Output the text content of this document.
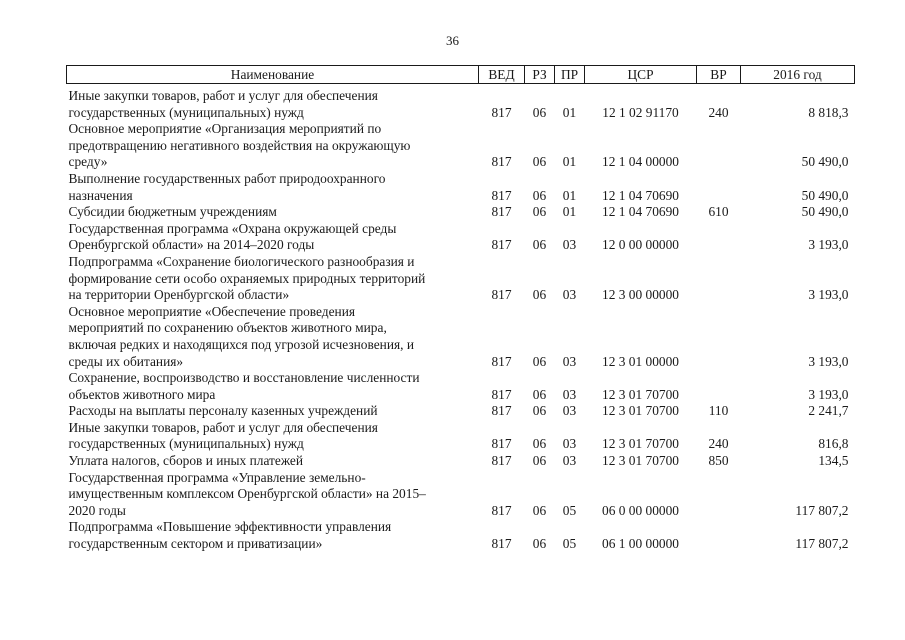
36
Наименование	ВЕД	РЗ	ПР	ЦСР	ВР	2016 год

Иные закупки товаров, работ и услуг для обеспечения
государственных (муниципальных) нужд	817	06	01	12 1 02 91170	240	8 818,3

Основное мероприятие «Организация мероприятий по
предотвращению негативного воздействия на окружающую
среду»	817	06	01	12 1 04 00000		50 490,0

Выполнение государственных работ природоохранного
назначения	817	06	01	12 1 04 70690		50 490,0

Субсидии бюджетным учреждениям	817	06	01	12 1 04 70690	610	50 490,0

Государственная программа «Охрана окружающей среды
Оренбургской области» на 2014–2020 годы	817	06	03	12 0 00 00000		3 193,0

Подпрограмма «Сохранение биологического разнообразия и
формирование сети особо охраняемых природных территорий
на территории Оренбургской области»	817	06	03	12 3 00 00000		3 193,0

Основное мероприятие «Обеспечение проведения
мероприятий по сохранению объектов животного мира,
включая редких и находящихся под угрозой исчезновения, и
среды их обитания»	817	06	03	12 3 01 00000		3 193,0

Сохранение, воспроизводство и восстановление численности
объектов животного мира	817	06	03	12 3 01 70700		3 193,0

Расходы на выплаты персоналу казенных учреждений	817	06	03	12 3 01 70700	110	2 241,7

Иные закупки товаров, работ и услуг для обеспечения
государственных (муниципальных) нужд	817	06	03	12 3 01 70700	240	816,8

Уплата налогов, сборов и иных платежей	817	06	03	12 3 01 70700	850	134,5

Государственная программа «Управление земельно-
имущественным комплексом Оренбургской области» на 2015–
2020 годы	817	06	05	06 0 00 00000		117 807,2

Подпрограмма «Повышение эффективности управления
государственным сектором и приватизации»	817	06	05	06 1 00 00000		117 807,2
